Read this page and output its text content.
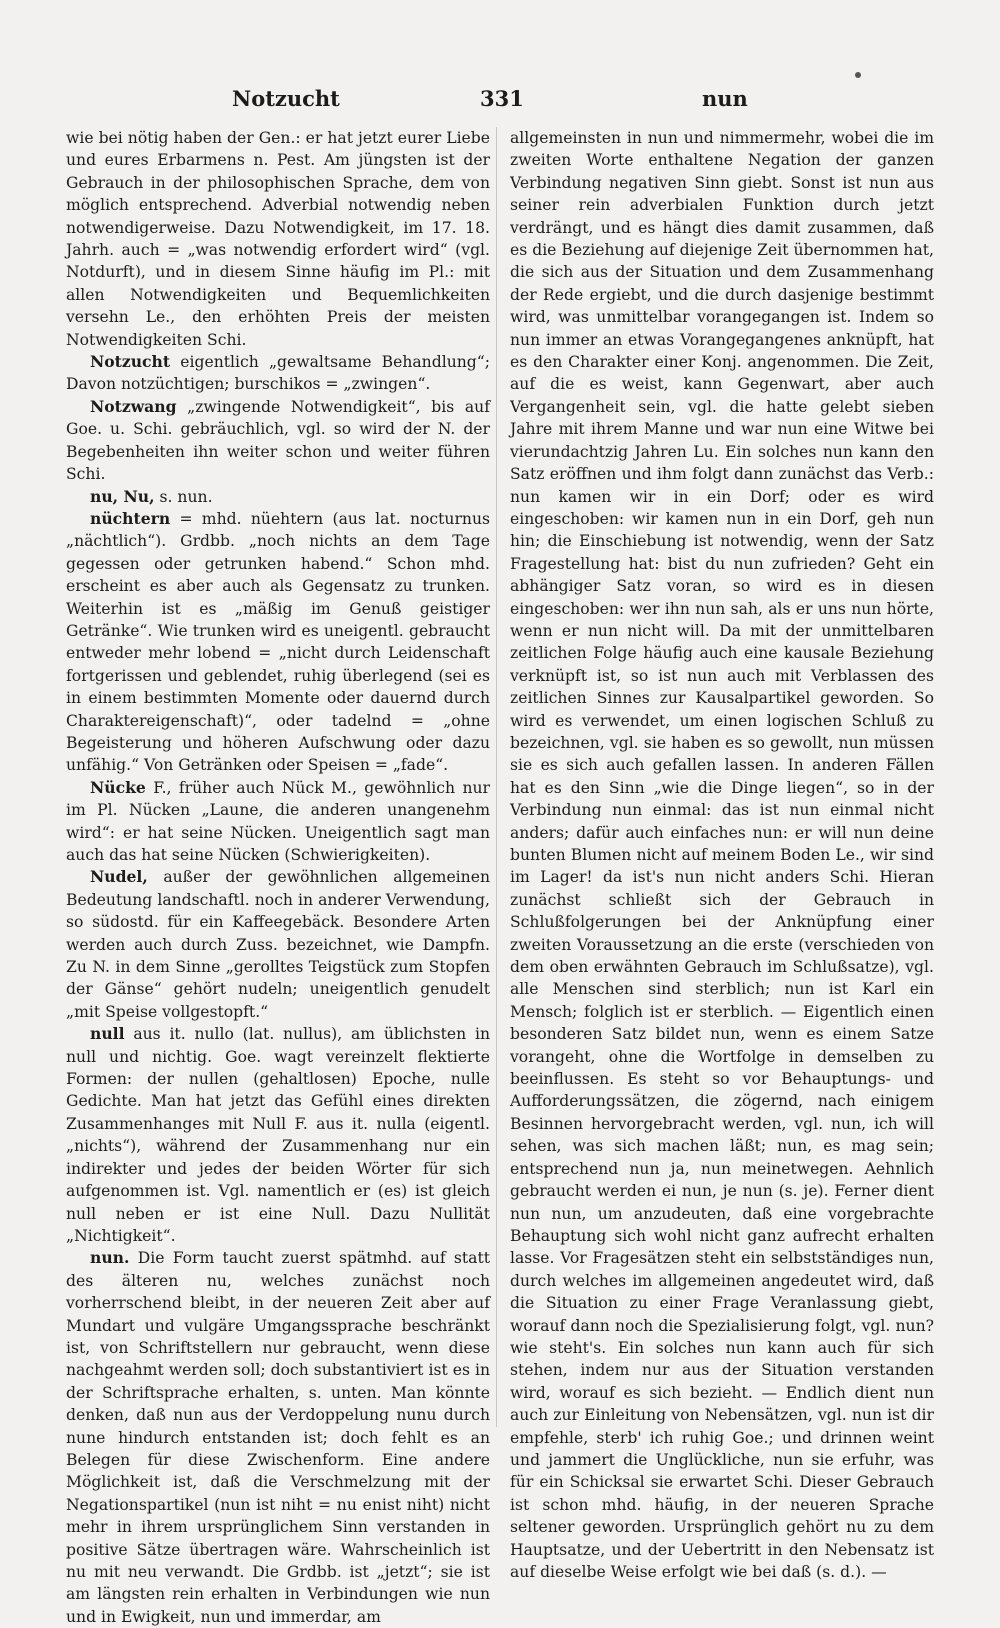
Notzucht	331	nun

wie bei nötig haben der Gen.: er hat jetzt eurer Liebe und eures Erbarmens n. Pest. Am jüngsten ist der Gebrauch in der philosophischen Sprache, dem von möglich entsprechend. Adverbial notwendig neben notwendigerweise. Dazu Notwendigkeit, im 17. 18. Jahrh. auch = „was notwendig erfordert wird“ (vgl. Notdurft), und in diesem Sinne häufig im Pl.: mit allen Notwendigkeiten und Bequemlichkeiten versehn Le., den erhöhten Preis der meisten Notwendigkeiten Schi.

Notzucht eigentlich „gewaltsame Behandlung“; Davon notzüchtigen; burschikos = „zwingen“.

Notzwang „zwingende Notwendigkeit“, bis auf Goe. u. Schi. gebräuchlich, vgl. so wird der N. der Begebenheiten ihn weiter schon und weiter führen Schi.

nu, Nu, s. nun.

nüchtern = mhd. nüehtern (aus lat. nocturnus „nächtlich“). Grdbb. „noch nichts an dem Tage gegessen oder getrunken habend.“ Schon mhd. erscheint es aber auch als Gegensatz zu trunken. Weiterhin ist es „mäßig im Genuß geistiger Getränke“. Wie trunken wird es uneigentl. gebraucht entweder mehr lobend = „nicht durch Leidenschaft fortgerissen und geblendet, ruhig überlegend (sei es in einem bestimmten Momente oder dauernd durch Charaktereigenschaft)“, oder tadelnd = „ohne Begeisterung und höheren Aufschwung oder dazu unfähig.“ Von Getränken oder Speisen = „fade“.

Nücke F., früher auch Nück M., gewöhnlich nur im Pl. Nücken „Laune, die anderen unangenehm wird“: er hat seine Nücken. Uneigentlich sagt man auch das hat seine Nücken (Schwierigkeiten).

Nudel, außer der gewöhnlichen allgemeinen Bedeutung landschaftl. noch in anderer Verwendung, so südostd. für ein Kaffeegebäck. Besondere Arten werden auch durch Zuss. bezeichnet, wie Dampfn. Zu N. in dem Sinne „gerolltes Teigstück zum Stopfen der Gänse“ gehört nudeln; uneigentlich genudelt „mit Speise vollgestopft.“

null aus it. nullo (lat. nullus), am üblichsten in null und nichtig. Goe. wagt vereinzelt flektierte Formen: der nullen (gehaltlosen) Epoche, nulle Gedichte. Man hat jetzt das Gefühl eines direkten Zusammenhanges mit Null F. aus it. nulla (eigentl. „nichts“), während der Zusammenhang nur ein indirekter und jedes der beiden Wörter für sich aufgenommen ist. Vgl. namentlich er (es) ist gleich null neben er ist eine Null. Dazu Nullität „Nichtigkeit“.

nun. Die Form taucht zuerst spätmhd. auf statt des älteren nu, welches zunächst noch vorherrschend bleibt, in der neueren Zeit aber auf Mundart und vulgäre Umgangssprache beschränkt ist, von Schriftstellern nur gebraucht, wenn diese nachgeahmt werden soll; doch substantiviert ist es in der Schriftsprache erhalten, s. unten. Man könnte denken, daß nun aus der Verdoppelung nunu durch nune hindurch entstanden ist; doch fehlt es an Belegen für diese Zwischenform. Eine andere Möglichkeit ist, daß die Verschmelzung mit der Negationspartikel (nun ist niht = nu enist niht) nicht mehr in ihrem ursprünglichem Sinn verstanden in positive Sätze übertragen wäre. Wahrscheinlich ist nu mit neu verwandt. Die Grdbb. ist „jetzt“; sie ist am längsten rein erhalten in Verbindungen wie nun und in Ewigkeit, nun und immerdar, am

allgemeinsten in nun und nimmermehr, wobei die im zweiten Worte enthaltene Negation der ganzen Verbindung negativen Sinn giebt. Sonst ist nun aus seiner rein adverbialen Funktion durch jetzt verdrängt, und es hängt dies damit zusammen, daß es die Beziehung auf diejenige Zeit übernommen hat, die sich aus der Situation und dem Zusammenhang der Rede ergiebt, und die durch dasjenige bestimmt wird, was unmittelbar vorangegangen ist. Indem so nun immer an etwas Vorangegangenes anknüpft, hat es den Charakter einer Konj. angenommen. Die Zeit, auf die es weist, kann Gegenwart, aber auch Vergangenheit sein, vgl. die hatte gelebt sieben Jahre mit ihrem Manne und war nun eine Witwe bei vierundachtzig Jahren Lu. Ein solches nun kann den Satz eröffnen und ihm folgt dann zunächst das Verb.: nun kamen wir in ein Dorf; oder es wird eingeschoben: wir kamen nun in ein Dorf, geh nun hin; die Einschiebung ist notwendig, wenn der Satz Fragestellung hat: bist du nun zufrieden? Geht ein abhängiger Satz voran, so wird es in diesen eingeschoben: wer ihn nun sah, als er uns nun hörte, wenn er nun nicht will. Da mit der unmittelbaren zeitlichen Folge häufig auch eine kausale Beziehung verknüpft ist, so ist nun auch mit Verblassen des zeitlichen Sinnes zur Kausalpartikel geworden. So wird es verwendet, um einen logischen Schluß zu bezeichnen, vgl. sie haben es so gewollt, nun müssen sie es sich auch gefallen lassen. In anderen Fällen hat es den Sinn „wie die Dinge liegen“, so in der Verbindung nun einmal: das ist nun einmal nicht anders; dafür auch einfaches nun: er will nun deine bunten Blumen nicht auf meinem Boden Le., wir sind im Lager! da ist's nun nicht anders Schi. Hieran zunächst schließt sich der Gebrauch in Schlußfolgerungen bei der Anknüpfung einer zweiten Voraussetzung an die erste (verschieden von dem oben erwähnten Gebrauch im Schlußsatze), vgl. alle Menschen sind sterblich; nun ist Karl ein Mensch; folglich ist er sterblich. — Eigentlich einen besonderen Satz bildet nun, wenn es einem Satze vorangeht, ohne die Wortfolge in demselben zu beeinflussen. Es steht so vor Behauptungs- und Aufforderungssätzen, die zögernd, nach einigem Besinnen hervorgebracht werden, vgl. nun, ich will sehen, was sich machen läßt; nun, es mag sein; entsprechend nun ja, nun meinetwegen. Aehnlich gebraucht werden ei nun, je nun (s. je). Ferner dient nun nun, um anzudeuten, daß eine vorgebrachte Behauptung sich wohl nicht ganz aufrecht erhalten lasse. Vor Fragesätzen steht ein selbstständiges nun, durch welches im allgemeinen angedeutet wird, daß die Situation zu einer Frage Veranlassung giebt, worauf dann noch die Spezialisierung folgt, vgl. nun? wie steht's. Ein solches nun kann auch für sich stehen, indem nur aus der Situation verstanden wird, worauf es sich bezieht. — Endlich dient nun auch zur Einleitung von Nebensätzen, vgl. nun ist dir empfehle, sterb' ich ruhig Goe.; und drinnen weint und jammert die Unglückliche, nun sie erfuhr, was für ein Schicksal sie erwartet Schi. Dieser Gebrauch ist schon mhd. häufig, in der neueren Sprache seltener geworden. Ursprünglich gehört nu zu dem Hauptsatze, und der Uebertritt in den Nebensatz ist auf dieselbe Weise erfolgt wie bei daß (s. d.). —
